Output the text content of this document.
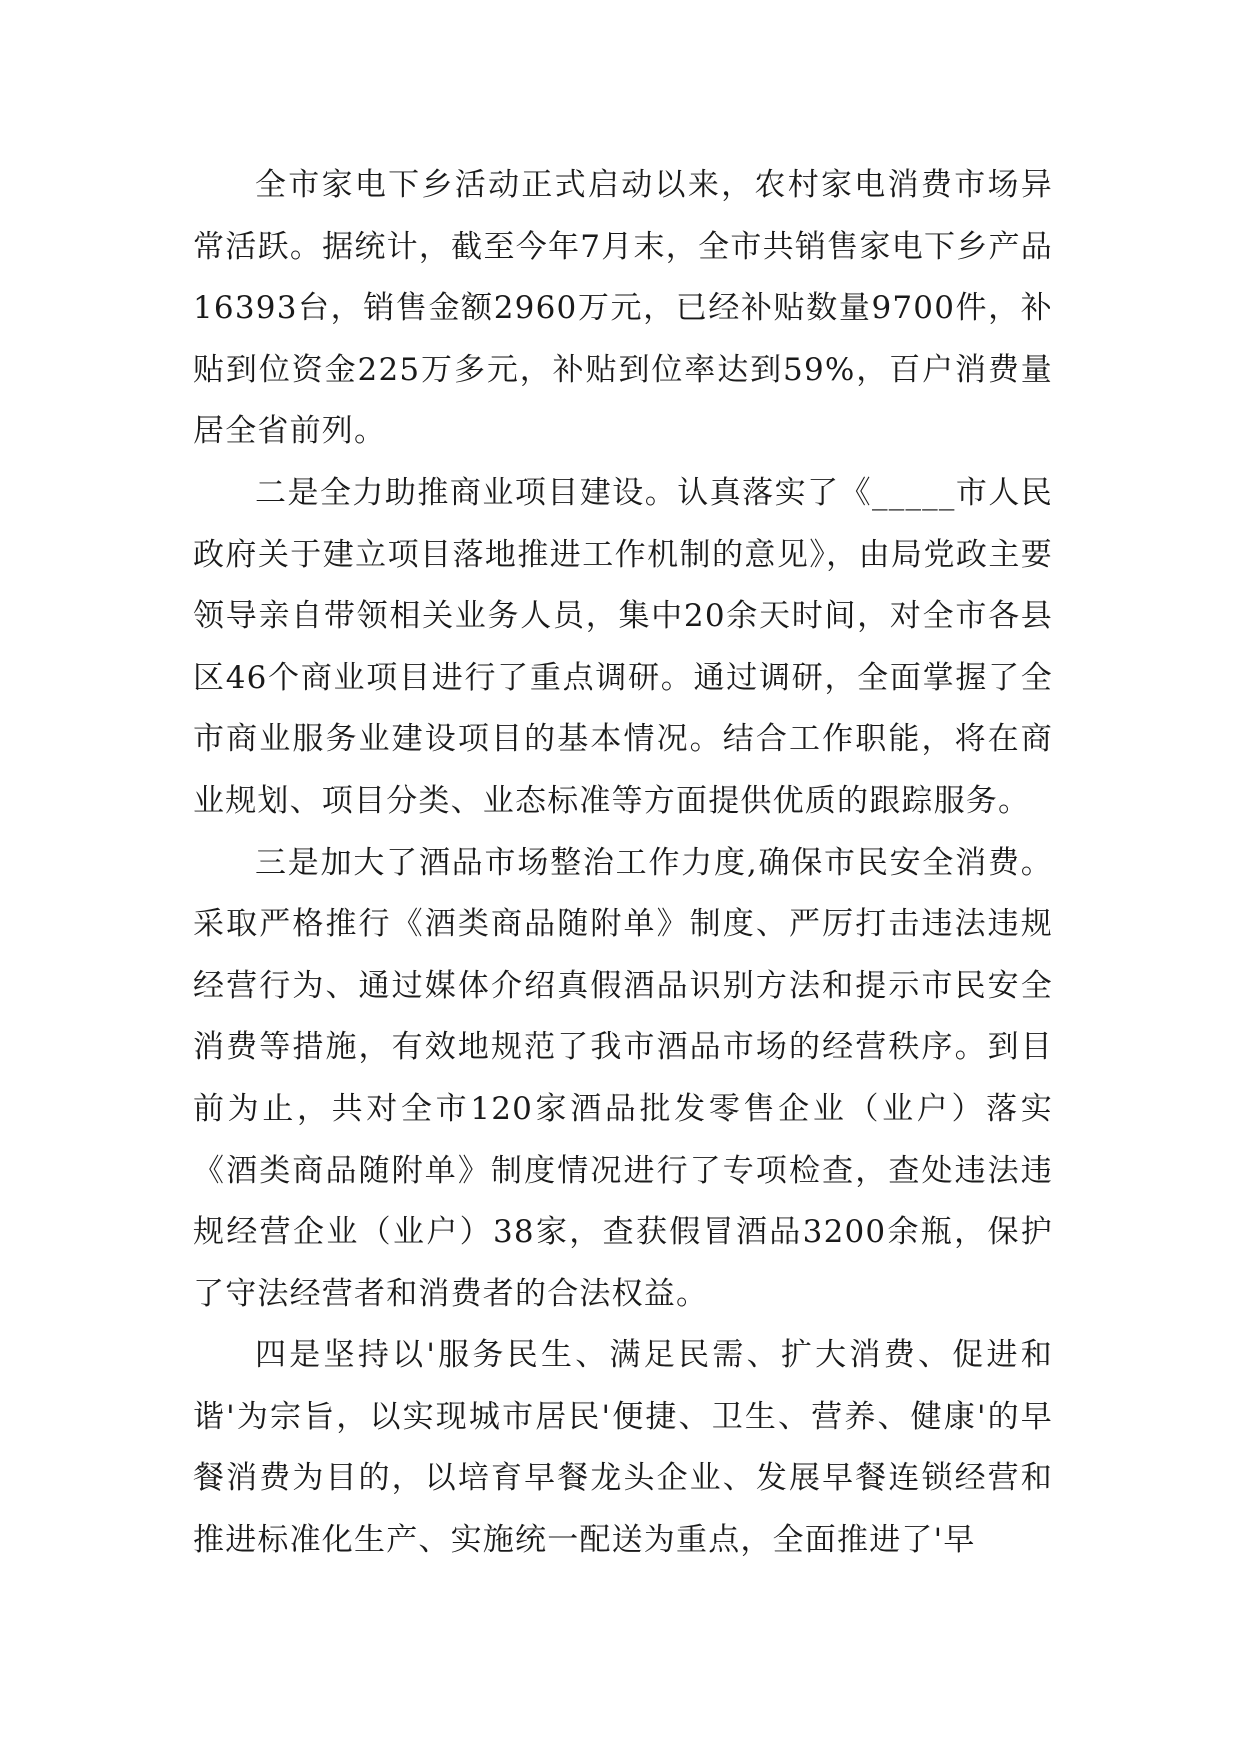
全市家电下乡活动正式启动以来，农村家电消费市场异常活跃。据统计，截至今年7月末，全市共销售家电下乡产品16393台，销售金额2960万元，已经补贴数量9700件，补贴到位资金225万多元，补贴到位率达到59%，百户消费量居全省前列。

二是全力助推商业项目建设。认真落实了《_____市人民政府关于建立项目落地推进工作机制的意见》，由局党政主要领导亲自带领相关业务人员，集中20余天时间，对全市各县区46个商业项目进行了重点调研。通过调研，全面掌握了全市商业服务业建设项目的基本情况。结合工作职能，将在商业规划、项目分类、业态标准等方面提供优质的跟踪服务。

三是加大了酒品市场整治工作力度,确保市民安全消费。采取严格推行《酒类商品随附单》制度、严厉打击违法违规经营行为、通过媒体介绍真假酒品识别方法和提示市民安全消费等措施，有效地规范了我市酒品市场的经营秩序。到目前为止，共对全市120家酒品批发零售企业（业户）落实《酒类商品随附单》制度情况进行了专项检查，查处违法违规经营企业（业户）38家，查获假冒酒品3200余瓶，保护了守法经营者和消费者的合法权益。

四是坚持以'服务民生、满足民需、扩大消费、促进和谐'为宗旨，以实现城市居民'便捷、卫生、营养、健康'的早餐消费为目的，以培育早餐龙头企业、发展早餐连锁经营和推进标准化生产、实施统一配送为重点，全面推进了'早
